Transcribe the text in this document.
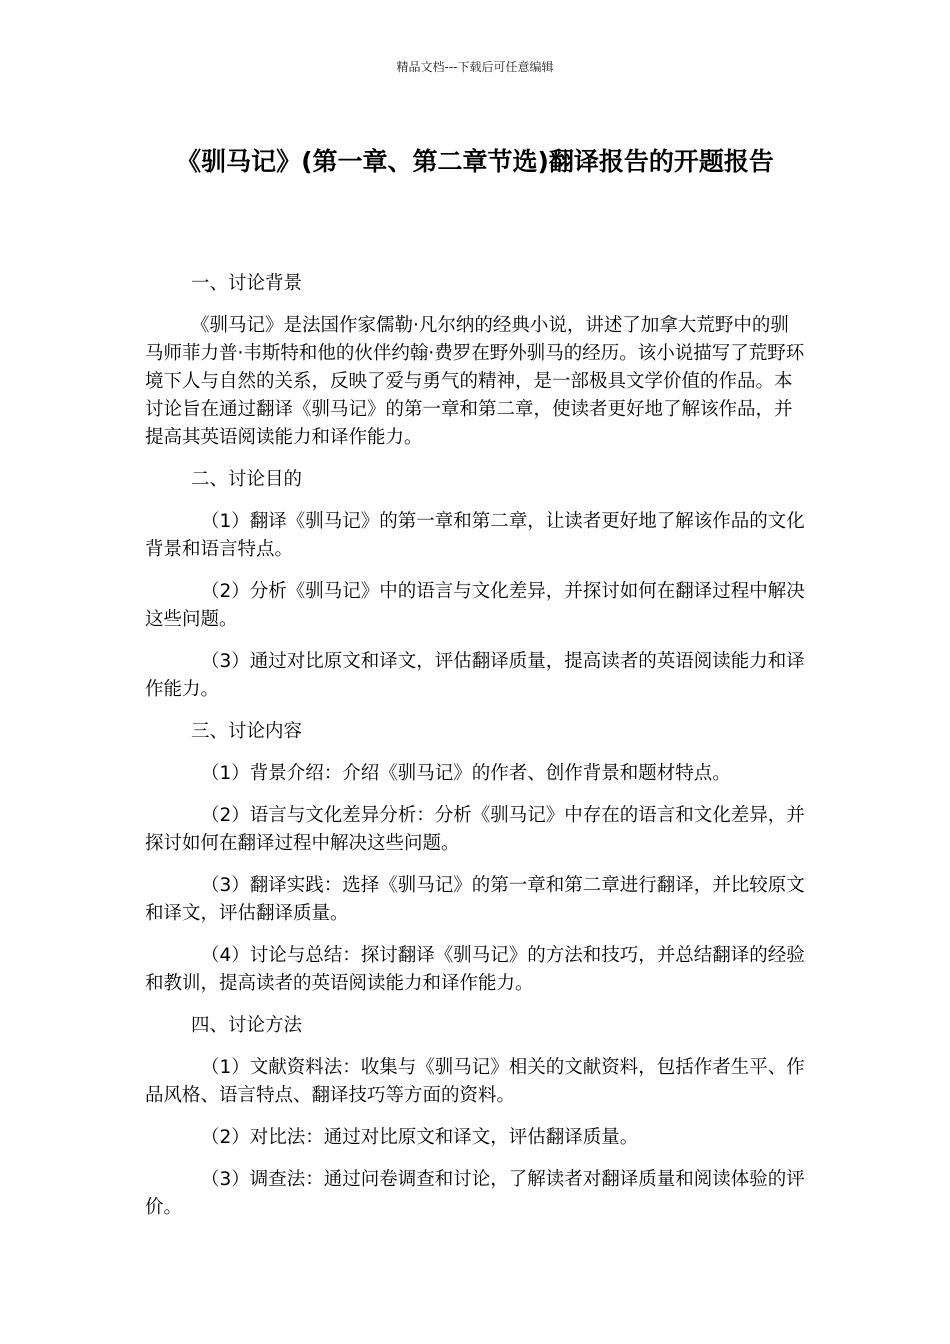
精品文档---下载后可任意编辑
《驯马记》(第一章、第二章节选)翻译报告的开题报告

一、讨论背景

《驯马记》是法国作家儒勒·凡尔纳的经典小说，讲述了加拿大荒野中的驯马师菲力普·韦斯特和他的伙伴约翰·费罗在野外驯马的经历。该小说描写了荒野环境下人与自然的关系，反映了爱与勇气的精神，是一部极具文学价值的作品。本讨论旨在通过翻译《驯马记》的第一章和第二章，使读者更好地了解该作品，并提高其英语阅读能力和译作能力。

二、讨论目的

（1）翻译《驯马记》的第一章和第二章，让读者更好地了解该作品的文化背景和语言特点。

（2）分析《驯马记》中的语言与文化差异，并探讨如何在翻译过程中解决这些问题。

（3）通过对比原文和译文，评估翻译质量，提高读者的英语阅读能力和译作能力。

三、讨论内容

（1）背景介绍：介绍《驯马记》的作者、创作背景和题材特点。

（2）语言与文化差异分析：分析《驯马记》中存在的语言和文化差异，并探讨如何在翻译过程中解决这些问题。

（3）翻译实践：选择《驯马记》的第一章和第二章进行翻译，并比较原文和译文，评估翻译质量。

（4）讨论与总结：探讨翻译《驯马记》的方法和技巧，并总结翻译的经验和教训，提高读者的英语阅读能力和译作能力。

四、讨论方法

（1）文献资料法：收集与《驯马记》相关的文献资料，包括作者生平、作品风格、语言特点、翻译技巧等方面的资料。

（2）对比法：通过对比原文和译文，评估翻译质量。

（3）调查法：通过问卷调查和讨论，了解读者对翻译质量和阅读体验的评价。
